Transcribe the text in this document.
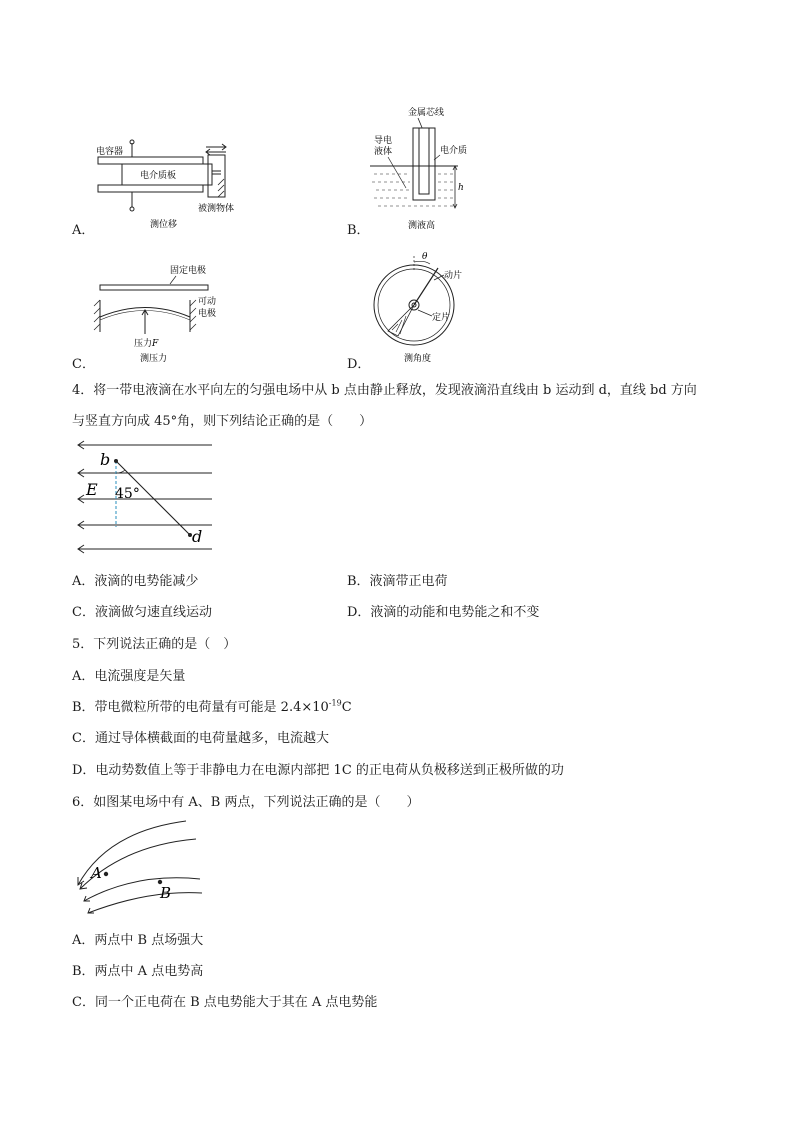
A．
电容器
电介质板
被测物体
测位移	B．
金属芯线
h
导电
液体	电介质
测液高
C．
固定电极
可动
电极
压力F
测压力	D．
θ
动片
定片
测角度
4．将一带电液滴在水平向左的匀强电场中从 b 点由静止释放，发现液滴沿直线由 b 运动到 d，直线 bd 方向
与竖直方向成 45°角，则下列结论正确的是（　　）
b
d
E 45°
A．液滴的电势能减少	B．液滴带正电荷
C．液滴做匀速直线运动	D．液滴的动能和电势能之和不变
5．下列说法正确的是（　）
A．电流强度是矢量
B．带电微粒所带的电荷量有可能是 $2.4\times 10^{-19}C$
C．通过导体横截面的电荷量越多，电流越大
D．电动势数值上等于非静电力在电源内部把 1C 的正电荷从负极移送到正极所做的功
6．如图某电场中有 A、B 两点，下列说法正确的是（　　）
A
B
A．两点中 B 点场强大
B．两点中 A 点电势高
C．同一个正电荷在 B 点电势能大于其在 A 点电势能
